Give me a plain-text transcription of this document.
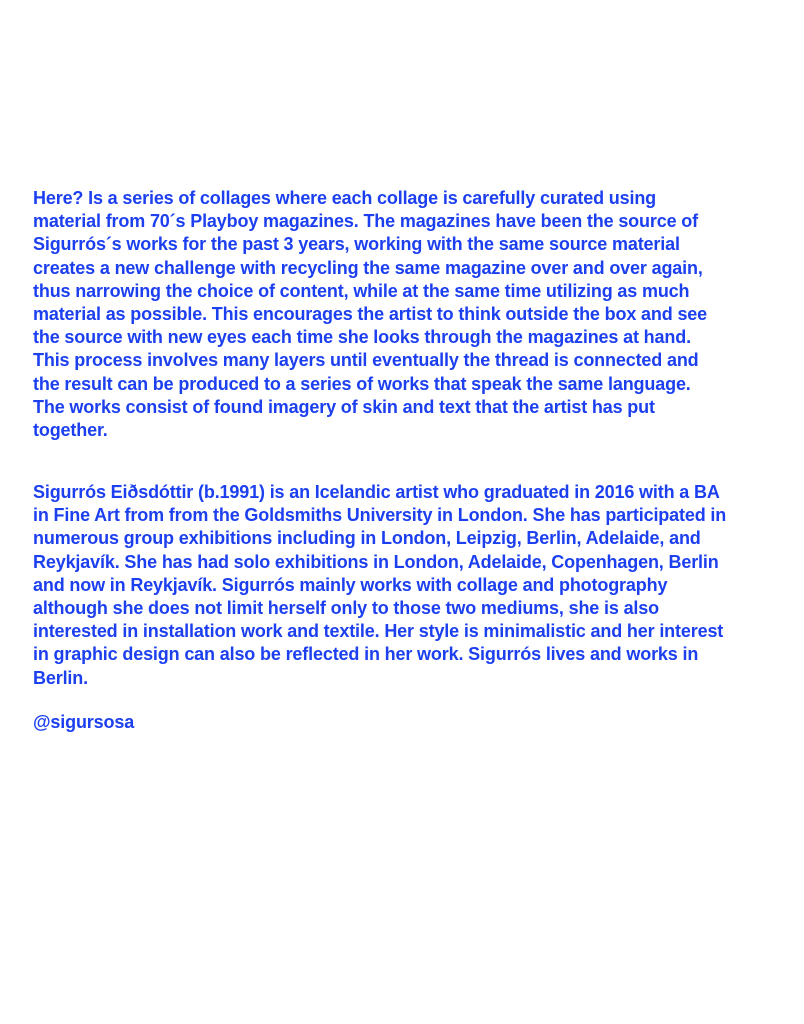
Here? Is a series of collages where each collage is carefully curated using
material from 70´s Playboy magazines. The magazines have been the source of
Sigurrós´s works for the past 3 years, working with the same source material
creates a new challenge with recycling the same magazine over and over again,
thus narrowing the choice of content, while at the same time utilizing as much
material as possible. This encourages the artist to think outside the box and see
the source with new eyes each time she looks through the magazines at hand.
This process involves many layers until eventually the thread is connected and
the result can be produced to a series of works that speak the same language.
The works consist of found imagery of skin and text that the artist has put
together.

Sigurrós Eiðsdóttir (b.1991) is an Icelandic artist who graduated in 2016 with a BA
in Fine Art from from the Goldsmiths University in London. She has participated in
numerous group exhibitions including in London, Leipzig, Berlin, Adelaide, and
Reykjavík. She has had solo exhibitions in London, Adelaide, Copenhagen, Berlin
and now in Reykjavík. Sigurrós mainly works with collage and photography
although she does not limit herself only to those two mediums, she is also
interested in installation work and textile. Her style is minimalistic and her interest
in graphic design can also be reflected in her work. Sigurrós lives and works in
Berlin.

@sigursosa
